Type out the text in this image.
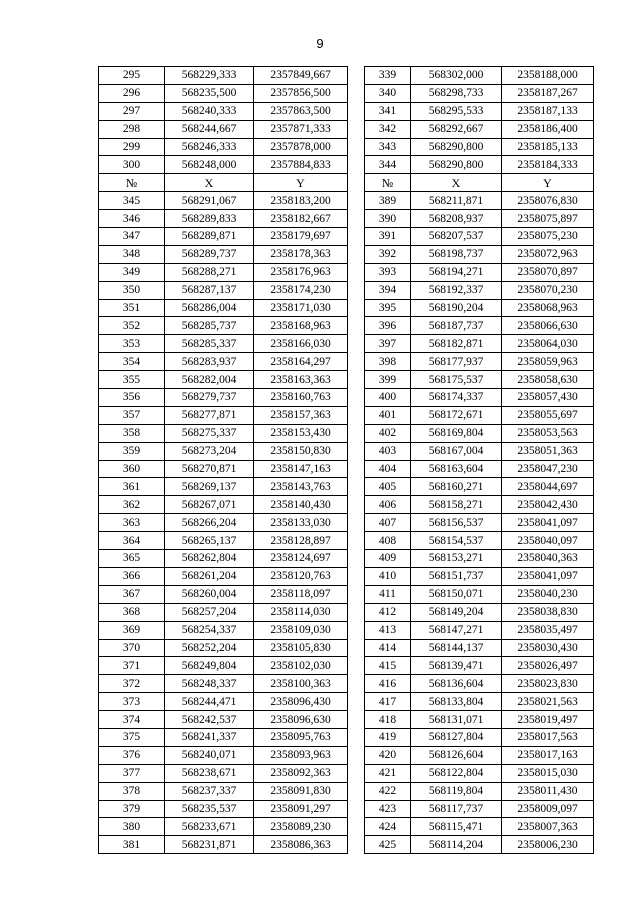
9
295	568229,333	2357849,667
296	568235,500	2357856,500
297	568240,333	2357863,500
298	568244,667	2357871,333
299	568246,333	2357878,000
300	568248,000	2357884,833
№	X	Y
345	568291,067	2358183,200
346	568289,833	2358182,667
347	568289,871	2358179,697
348	568289,737	2358178,363
349	568288,271	2358176,963
350	568287,137	2358174,230
351	568286,004	2358171,030
352	568285,737	2358168,963
353	568285,337	2358166,030
354	568283,937	2358164,297
355	568282,004	2358163,363
356	568279,737	2358160,763
357	568277,871	2358157,363
358	568275,337	2358153,430
359	568273,204	2358150,830
360	568270,871	2358147,163
361	568269,137	2358143,763
362	568267,071	2358140,430
363	568266,204	2358133,030
364	568265,137	2358128,897
365	568262,804	2358124,697
366	568261,204	2358120,763
367	568260,004	2358118,097
368	568257,204	2358114,030
369	568254,337	2358109,030
370	568252,204	2358105,830
371	568249,804	2358102,030
372	568248,337	2358100,363
373	568244,471	2358096,430
374	568242,537	2358096,630
375	568241,337	2358095,763
376	568240,071	2358093,963
377	568238,671	2358092,363
378	568237,337	2358091,830
379	568235,537	2358091,297
380	568233,671	2358089,230
381	568231,871	2358086,363
339	568302,000	2358188,000
340	568298,733	2358187,267
341	568295,533	2358187,133
342	568292,667	2358186,400
343	568290,800	2358185,133
344	568290,800	2358184,333
№	X	Y
389	568211,871	2358076,830
390	568208,937	2358075,897
391	568207,537	2358075,230
392	568198,737	2358072,963
393	568194,271	2358070,897
394	568192,337	2358070,230
395	568190,204	2358068,963
396	568187,737	2358066,630
397	568182,871	2358064,030
398	568177,937	2358059,963
399	568175,537	2358058,630
400	568174,337	2358057,430
401	568172,671	2358055,697
402	568169,804	2358053,563
403	568167,004	2358051,363
404	568163,604	2358047,230
405	568160,271	2358044,697
406	568158,271	2358042,430
407	568156,537	2358041,097
408	568154,537	2358040,097
409	568153,271	2358040,363
410	568151,737	2358041,097
411	568150,071	2358040,230
412	568149,204	2358038,830
413	568147,271	2358035,497
414	568144,137	2358030,430
415	568139,471	2358026,497
416	568136,604	2358023,830
417	568133,804	2358021,563
418	568131,071	2358019,497
419	568127,804	2358017,563
420	568126,604	2358017,163
421	568122,804	2358015,030
422	568119,804	2358011,430
423	568117,737	2358009,097
424	568115,471	2358007,363
425	568114,204	2358006,230
